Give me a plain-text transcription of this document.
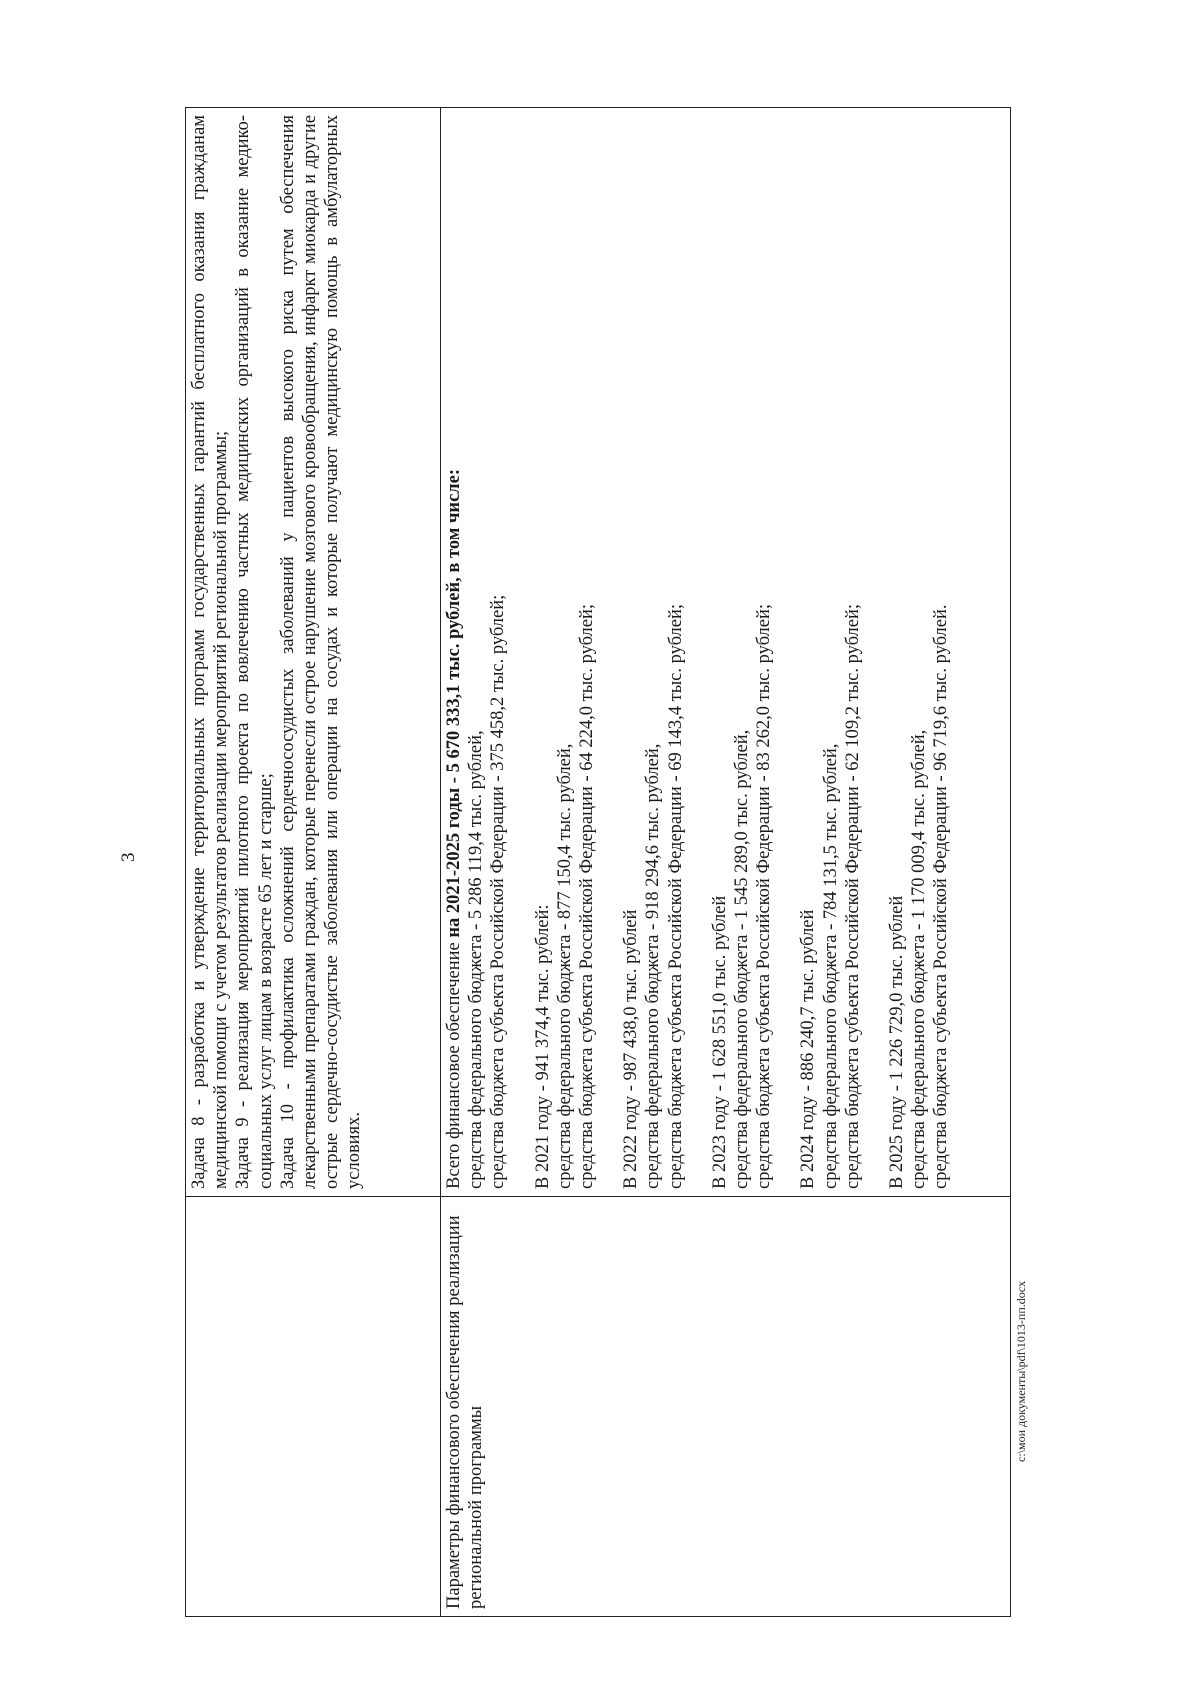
3	Задача 8 - разработка и утверждение территориальных программ государственных гарантий бесплатного оказания гражданам медицинской помощи с учетом результатов реализации мероприятий региональной программы; Задача 9 - реализация мероприятий пилотного проекта по вовлечению частных медицинских организаций в оказание медико-социальных услуг лицам в возрасте 65 лет и старше; Задача 10 - профилактика осложнений сердечнососудистых заболеваний у пациентов высокого риска путем обеспечения лекарственными препаратами граждан, которые перенесли острое нарушение мозгового кровообращения, инфаркт миокарда и другие острые сердечно-сосудистые заболевания или операции на сосудах и которые получают медицинскую помощь в амбулаторных условиях.

Параметры финансового обеспечения реализации региональной программы

Всего финансовое обеспечение на 2021-2025 годы - 5 670 333,1 тыс. рублей, в том числе:
средства федерального бюджета - 5 286 119,4 тыс. рублей, средства бюджета субъекта Российской Федерации - 375 458,2 тыс. рублей; В 2021 году - 941 374,4 тыс. рублей: средства федерального бюджета - 877 150,4 тыс. рублей, средства бюджета субъекта Российской Федерации - 64 224,0 тыс. рублей; В 2022 году - 987 438,0 тыс. рублей средства федерального бюджета - 918 294,6 тыс. рублей, средства бюджета субъекта Российской Федерации - 69 143,4 тыс. рублей; В 2023 году - 1 628 551,0 тыс. рублей средства федерального бюджета - 1 545 289,0 тыс. рублей, средства бюджета субъекта Российской Федерации - 83 262,0 тыс. рублей; В 2024 году - 886 240,7 тыс. рублей средства федерального бюджета - 784 131,5 тыс. рублей, средства бюджета субъекта Российской Федерации - 62 109,2 тыс. рублей; В 2025 году - 1 226 729,0 тыс. рублей средства федерального бюджета - 1 170 009,4 тыс. рублей, средства бюджета субъекта Российской Федерации - 96 719,6 тыс. рублей.
c:\мои документы\pdf\1013-пп.docx
